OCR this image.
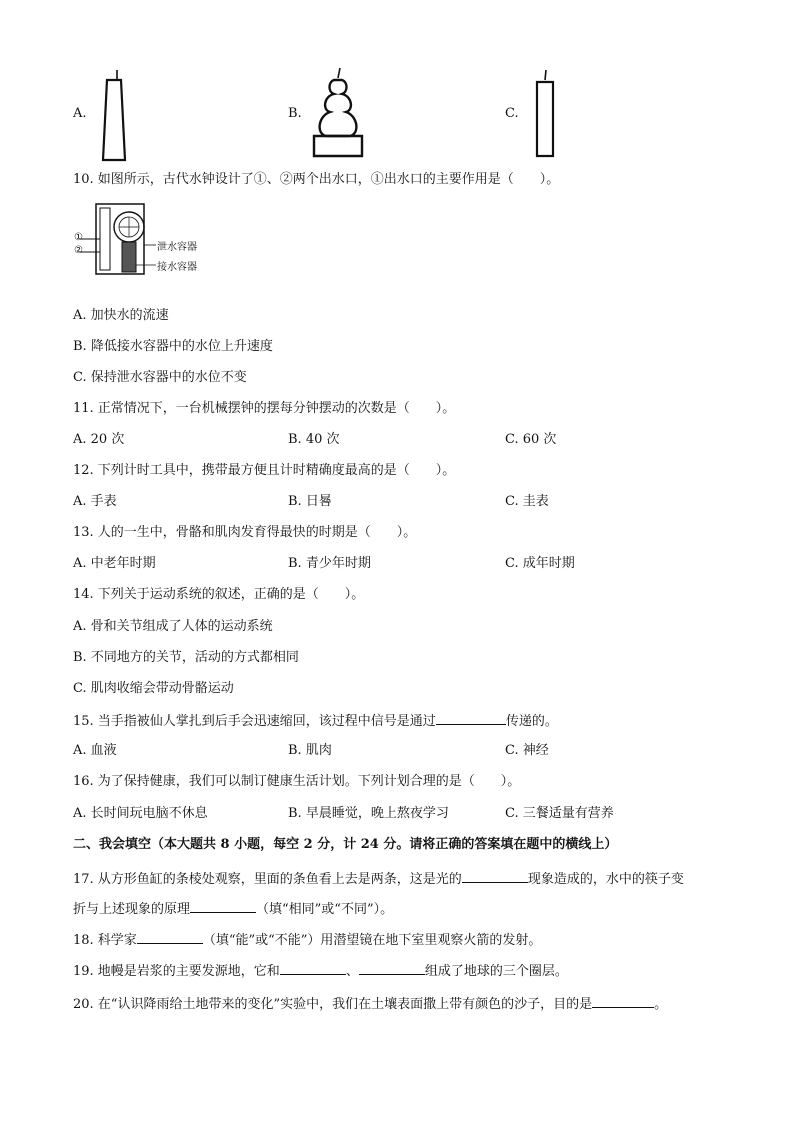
A.	B.	C.
10. 如图所示，古代水钟设计了①、②两个出水口，①出水口的主要作用是（　　）。
①
②	泄水容器
接水容器
A. 加快水的流速
B. 降低接水容器中的水位上升速度
C. 保持泄水容器中的水位不变
11. 正常情况下，一台机械摆钟的摆每分钟摆动的次数是（　　）。
A. 20 次	B. 40 次	C. 60 次
12. 下列计时工具中，携带最方便且计时精确度最高的是（　　）。
A. 手表	B. 日晷	C. 圭表
13. 人的一生中，骨骼和肌肉发育得最快的时期是（　　）。
A. 中老年时期	B. 青少年时期	C. 成年时期
14. 下列关于运动系统的叙述，正确的是（　　）。
A. 骨和关节组成了人体的运动系统
B. 不同地方的关节，活动的方式都相同
C. 肌肉收缩会带动骨骼运动
15. 当手指被仙人掌扎到后手会迅速缩回，该过程中信号是通过	传递的。
A. 血液	B. 肌肉	C. 神经
16. 为了保持健康，我们可以制订健康生活计划。下列计划合理的是（　　）。
A. 长时间玩电脑不休息	B. 早晨睡觉，晚上熬夜学习	C. 三餐适量有营养
二、我会填空（本大题共 8 小题，每空 2 分，计 24 分。请将正确的答案填在题中的横线上）
17. 从方形鱼缸的条棱处观察，里面的条鱼看上去是两条，这是光的	现象造成的，水中的筷子变
折与上述现象的原理	（填“相同”或“不同”）。
18. 科学家	（填“能”或“不能”）用潜望镜在地下室里观察火箭的发射。
19. 地幔是岩浆的主要发源地，它和	、	组成了地球的三个圈层。
20. 在“认识降雨给土地带来的变化”实验中，我们在土壤表面撒上带有颜色的沙子，目的是	。
